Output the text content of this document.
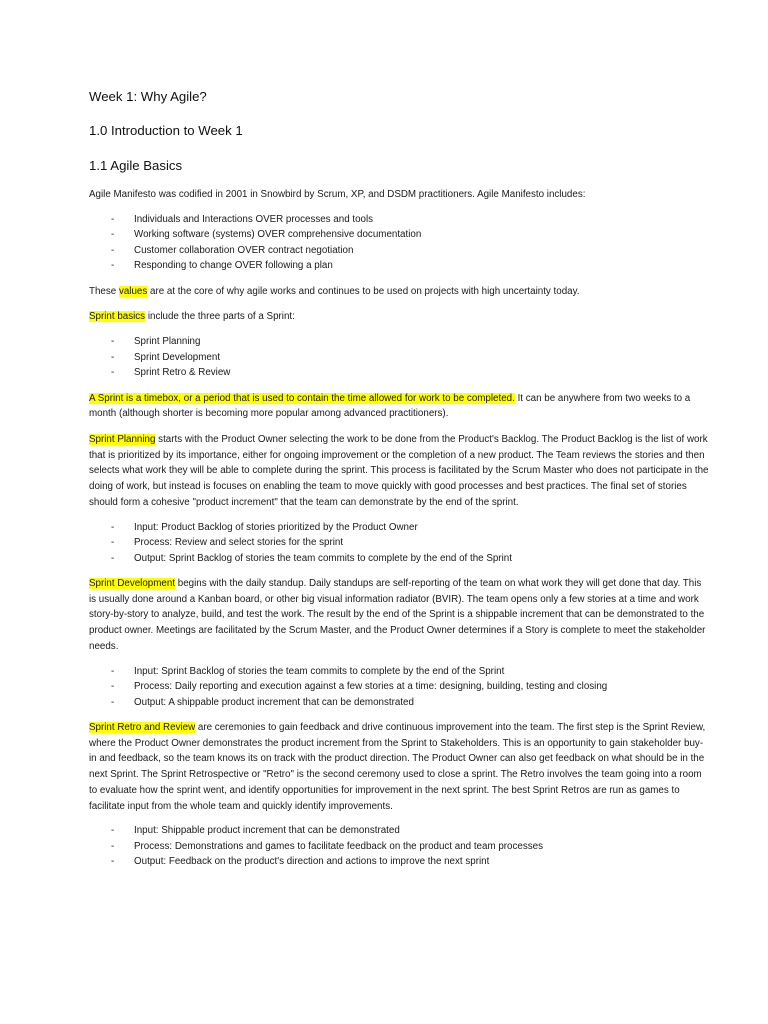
Week 1: Why Agile?
1.0 Introduction to Week 1
1.1 Agile Basics

Agile Manifesto was codified in 2001 in Snowbird by Scrum, XP, and DSDM practitioners. Agile Manifesto includes:

- Individuals and Interactions OVER processes and tools
- Working software (systems) OVER comprehensive documentation
- Customer collaboration OVER contract negotiation
- Responding to change OVER following a plan

These values are at the core of why agile works and continues to be used on projects with high uncertainty today.

Sprint basics include the three parts of a Sprint:

- Sprint Planning
- Sprint Development
- Sprint Retro & Review

A Sprint is a timebox, or a period that is used to contain the time allowed for work to be completed. It can be anywhere from two weeks to a month (although shorter is becoming more popular among advanced practitioners).

Sprint Planning starts with the Product Owner selecting the work to be done from the Product's Backlog. The Product Backlog is the list of work that is prioritized by its importance, either for ongoing improvement or the completion of a new product. The Team reviews the stories and then selects what work they will be able to complete during the sprint. This process is facilitated by the Scrum Master who does not participate in the doing of work, but instead is focuses on enabling the team to move quickly with good processes and best practices. The final set of stories should form a cohesive "product increment" that the team can demonstrate by the end of the sprint.

- Input: Product Backlog of stories prioritized by the Product Owner
- Process: Review and select stories for the sprint
- Output: Sprint Backlog of stories the team commits to complete by the end of the Sprint

Sprint Development begins with the daily standup. Daily standups are self-reporting of the team on what work they will get done that day. This is usually done around a Kanban board, or other big visual information radiator (BVIR). The team opens only a few stories at a time and work story-by-story to analyze, build, and test the work. The result by the end of the Sprint is a shippable increment that can be demonstrated to the product owner. Meetings are facilitated by the Scrum Master, and the Product Owner determines if a Story is complete to meet the stakeholder needs.

- Input: Sprint Backlog of stories the team commits to complete by the end of the Sprint
- Process: Daily reporting and execution against a few stories at a time: designing, building, testing and closing
- Output: A shippable product increment that can be demonstrated

Sprint Retro and Review are ceremonies to gain feedback and drive continuous improvement into the team. The first step is the Sprint Review, where the Product Owner demonstrates the product increment from the Sprint to Stakeholders. This is an opportunity to gain stakeholder buy-in and feedback, so the team knows its on track with the product direction. The Product Owner can also get feedback on what should be in the next Sprint. The Sprint Retrospective or "Retro" is the second ceremony used to close a sprint. The Retro involves the team going into a room to evaluate how the sprint went, and identify opportunities for improvement in the next sprint. The best Sprint Retros are run as games to facilitate input from the whole team and quickly identify improvements.

- Input: Shippable product increment that can be demonstrated
- Process: Demonstrations and games to facilitate feedback on the product and team processes
- Output: Feedback on the product's direction and actions to improve the next sprint
